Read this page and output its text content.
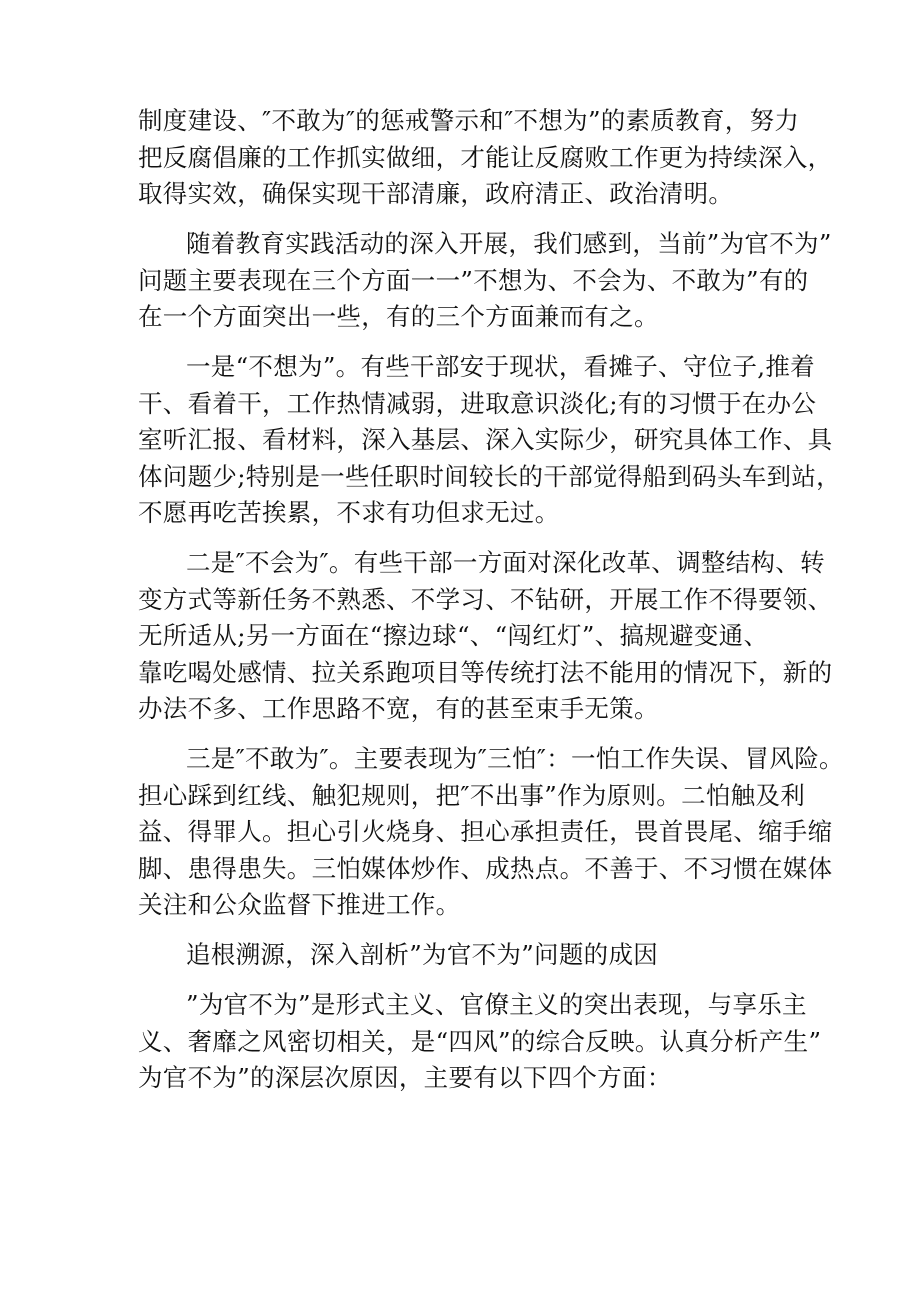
制度建设、″不敢为″的惩戒警示和″不想为”的素质教育，努力
把反腐倡廉的工作抓实做细，才能让反腐败工作更为持续深入，
取得实效，确保实现干部清廉，政府清正、政治清明。
随着教育实践活动的深入开展，我们感到，当前”为官不为”
问题主要表现在三个方面一一”不想为、不会为、不敢为”有的
在一个方面突出一些，有的三个方面兼而有之。
一是“不想为”。有些干部安于现状，看摊子、守位子,推着
干、看着干，工作热情减弱，进取意识淡化;有的习惯于在办公
室听汇报、看材料，深入基层、深入实际少，研究具体工作、具
体问题少;特别是一些任职时间较长的干部觉得船到码头车到站，
不愿再吃苦挨累，不求有功但求无过。
二是″不会为″。有些干部一方面对深化改革、调整结构、转
变方式等新任务不熟悉、不学习、不钻研，开展工作不得要领、
无所适从;另一方面在“擦边球“、“闯红灯”、搞规避变通、
靠吃喝处感情、拉关系跑项目等传统打法不能用的情况下，新的
办法不多、工作思路不宽，有的甚至束手无策。
三是″不敢为″。主要表现为″三怕″：一怕工作失误、冒风险。
担心踩到红线、触犯规则，把″不出事”作为原则。二怕触及利
益、得罪人。担心引火烧身、担心承担责任，畏首畏尾、缩手缩
脚、患得患失。三怕媒体炒作、成热点。不善于、不习惯在媒体
关注和公众监督下推进工作。
追根溯源，深入剖析”为官不为”问题的成因
”为官不为”是形式主义、官僚主义的突出表现，与享乐主
义、奢靡之风密切相关，是“四风”的综合反映。认真分析产生”
为官不为”的深层次原因，主要有以下四个方面：
